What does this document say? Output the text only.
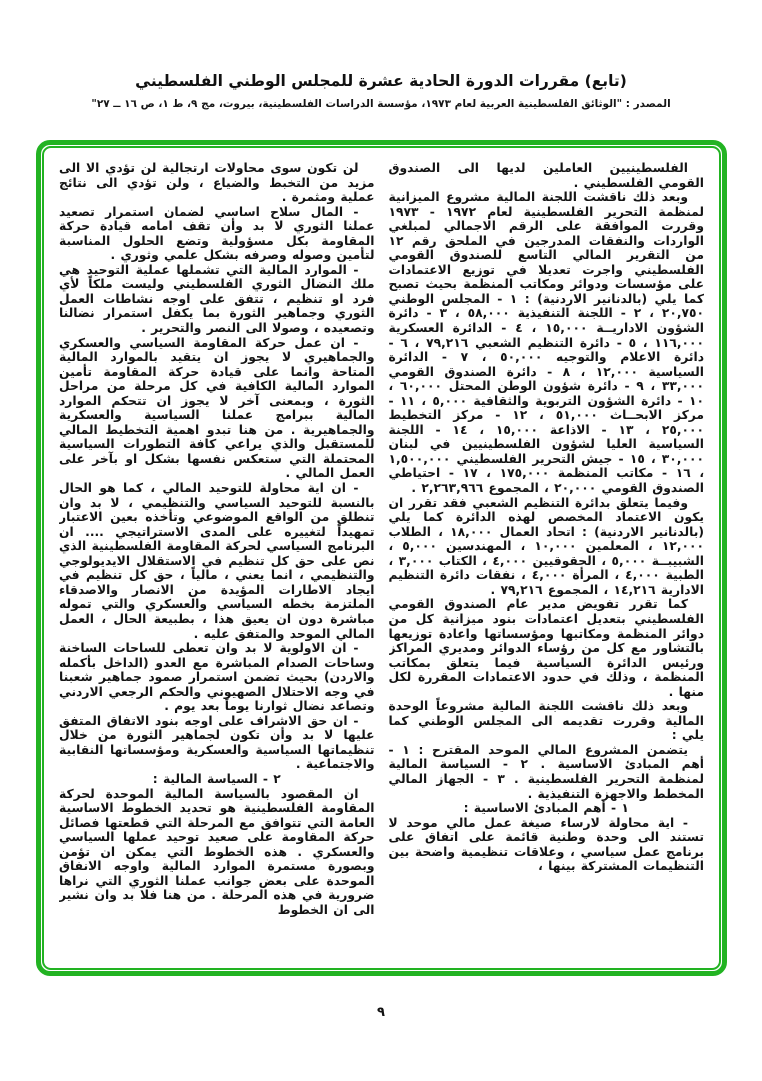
(تابع) مقررات الدورة الحادية عشرة للمجلس الوطني الفلسطيني

المصدر : "الوثائق الفلسطينية العربية لعام ١٩٧٣، مؤسسة الدراسات الفلسطينية، بيروت، مج ٩، ط ١، ص ١٦ ــ ٢٧"

الفلسطينيين العاملين لديها الى الصندوق القومي الفلسطيني .

وبعد ذلك ناقشت اللجنة المالية مشروع الميزانية لمنظمة التحرير الفلسطينية لعام ١٩٧٢ - ١٩٧٣ وقررت الموافقة على الرقم الاجمالي لمبلغي الواردات والنفقات المدرجين في الملحق رقم ١٢ من التقرير المالي التاسع للصندوق القومي الفلسطيني واجرت تعديلا في توزيع الاعتمادات على مؤسسات ودوائر ومكاتب المنظمة بحيث تصبح كما يلي (بالدنانير الاردنية) : ١ - المجلس الوطني ٢٠,٧٥٠ ، ٢ - اللجنة التنفيذية ٥٨,٠٠٠ ، ٣ - دائرة الشؤون الاداريــة ١٥,٠٠٠ ، ٤ - الدائرة العسكرية ١١٦,٠٠٠ ، ٥ - دائرة التنظيم الشعبي ٧٩,٢١٦ ، ٦ - دائرة الاعلام والتوجيه ٥٠,٠٠٠ ، ٧ - الدائرة السياسية ١٢,٠٠٠ ، ٨ - دائرة الصندوق القومي ٣٣,٠٠٠ ، ٩ - دائرة شؤون الوطن المحتل ٦٠,٠٠٠ ، ١٠ - دائرة الشؤون التربوية والثقافية ٥,٠٠٠ ، ١١ - مركز الابحــاث ٥١,٠٠٠ ، ١٢ - مركز التخطيط ٢٥,٠٠٠ ، ١٣ - الاذاعة ١٥,٠٠٠ ، ١٤ - اللجنة السياسية العليا لشؤون الفلسطينيين في لبنان ٣٠,٠٠٠ ، ١٥ - جيش التحرير الفلسطيني ١,٥٠٠,٠٠٠ ، ١٦ - مكاتب المنظمة ١٧٥,٠٠٠ ، ١٧ - احتياطي الصندوق القومي ٢٠,٠٠٠ ، المجموع ٢,٢٦٣,٩٦٦ .

وفيما يتعلق بدائرة التنظيم الشعبي فقد تقرر ان يكون الاعتماد المخصص لهذه الدائرة كما يلي (بالدنانير الاردنية) : اتحاد العمال ١٨,٠٠٠ ، الطلاب ١٢,٠٠٠ ، المعلمين ١٠,٠٠٠ ، المهندسين ٥,٠٠٠ ، الشبيبــة ٥,٠٠٠ ، الحقوقيين ٤,٠٠٠ ، الكتاب ٣,٠٠٠ ، الطبية ٤,٠٠٠ ، المرأة ٤,٠٠٠ ، نفقات دائرة التنظيم الادارية ١٤,٢١٦ ، المجموع ٧٩,٢١٦ .

كما تقرر تفويض مدير عام الصندوق القومي الفلسطيني بتعديل اعتمادات بنود ميزانية كل من دوائر المنظمة ومكاتبها ومؤسساتها واعادة توزيعها بالتشاور مع كل من رؤساء الدوائر ومديري المراكز ورئيس الدائرة السياسية فيما يتعلق بمكاتب المنظمة ، وذلك في حدود الاعتمادات المقررة لكل منها .

وبعد ذلك ناقشت اللجنة المالية مشروعاً الوحدة المالية وقررت تقديمه الى المجلس الوطني كما يلي :

يتضمن المشروع المالي الموحد المقترح : ١ - أهم المبادئ الاساسية . ٢ - السياسة المالية لمنظمة التحرير الفلسطينية . ٣ - الجهاز المالي المخطط والاجهزة التنفيذية .

١ - أهم المبادئ الاساسية :

- اية محاولة لارساء صيغة عمل مالي موحد لا تستند الى وحدة وطنية قائمة على اتفاق على برنامج عمل سياسي ، وعلاقات تنظيمية واضحة بين التنظيمات المشتركة بينها ،

لن تكون سوى محاولات ارتجالية لن تؤدي الا الى مزيد من التخبط والضياع ، ولن تؤدي الى نتائج عملية ومثمرة .

- المال سلاح اساسي لضمان استمرار تصعيد عملنا الثوري لا بد وأن تقف امامه قيادة حركة المقاومة بكل مسؤولية وتضع الحلول المناسبة لتأمين وصوله وصرفه بشكل علمي وثوري .

- الموارد المالية التي تشملها عملية التوحيد هي ملك النضال الثوري الفلسطيني وليست ملكاً لأي فرد او تنظيم ، تتفق على اوجه نشاطات العمل الثوري وجماهير الثورة بما يكفل استمرار نضالنا وتصعيده ، وصولا الى النصر والتحرير .

- ان عمل حركة المقاومة السياسي والعسكري والجماهيري لا يجوز ان يتقيد بالموارد المالية المتاحة وانما على قيادة حركة المقاومة تأمين الموارد المالية الكافية في كل مرحلة من مراحل الثورة ، وبمعنى آخر لا يجوز ان تتحكم الموارد المالية ببرامج عملنا السياسية والعسكرية والجماهيرية . من هنا تبدو اهمية التخطيط المالي للمستقبل والذي يراعي كافة التطورات السياسية المحتملة التي ستعكس نفسها بشكل او بآخر على العمل المالي .

- ان اية محاولة للتوحيد المالي ، كما هو الحال بالنسبة للتوحيد السياسي والتنظيمي ، لا بد وان تنطلق من الواقع الموضوعي وتأخذه بعين الاعتبار تمهيداً لتغييره على المدى الاستراتيجي .... ان البرنامج السياسي لحركة المقاومة الفلسطينية الذي نص على حق كل تنظيم في الاستقلال الايديولوجي والتنظيمي ، انما يعني ، مالياً ، حق كل تنظيم في ايجاد الاطارات المؤيدة من الانصار والاصدقاء الملتزمة بخطه السياسي والعسكري والتي تموله مباشرة دون ان يعيق هذا ، بطبيعة الحال ، العمل المالي الموحد والمتفق عليه .

- ان الاولوية لا بد وان تعطى للساحات الساخنة وساحات الصدام المباشرة مع العدو (الداخل بأكمله والاردن) بحيث تضمن استمرار صمود جماهير شعبنا في وجه الاحتلال الصهيوني والحكم الرجعي الاردني وتصاعد نضال ثوارنا يوماً بعد يوم .

- ان حق الاشراف على اوجه بنود الاتفاق المتفق عليها لا بد وأن تكون لجماهير الثورة من خلال تنظيماتها السياسية والعسكرية ومؤسساتها النقابية والاجتماعية .

٢ - السياسة المالية :

ان المقصود بالسياسة المالية الموحدة لحركة المقاومة الفلسطينية هو تحديد الخطوط الاساسية العامة التي تتوافق مع المرحلة التي قطعتها فصائل حركة المقاومة على صعيد توحيد عملها السياسي والعسكري . هذه الخطوط التي يمكن ان تؤمن وبصورة مستمرة الموارد المالية واوجه الانفاق الموحدة على بعض جوانب عملنا الثوري التي نراها ضرورية في هذه المرحلة . من هنا فلا بد وان نشير الى ان الخطوط

٩
